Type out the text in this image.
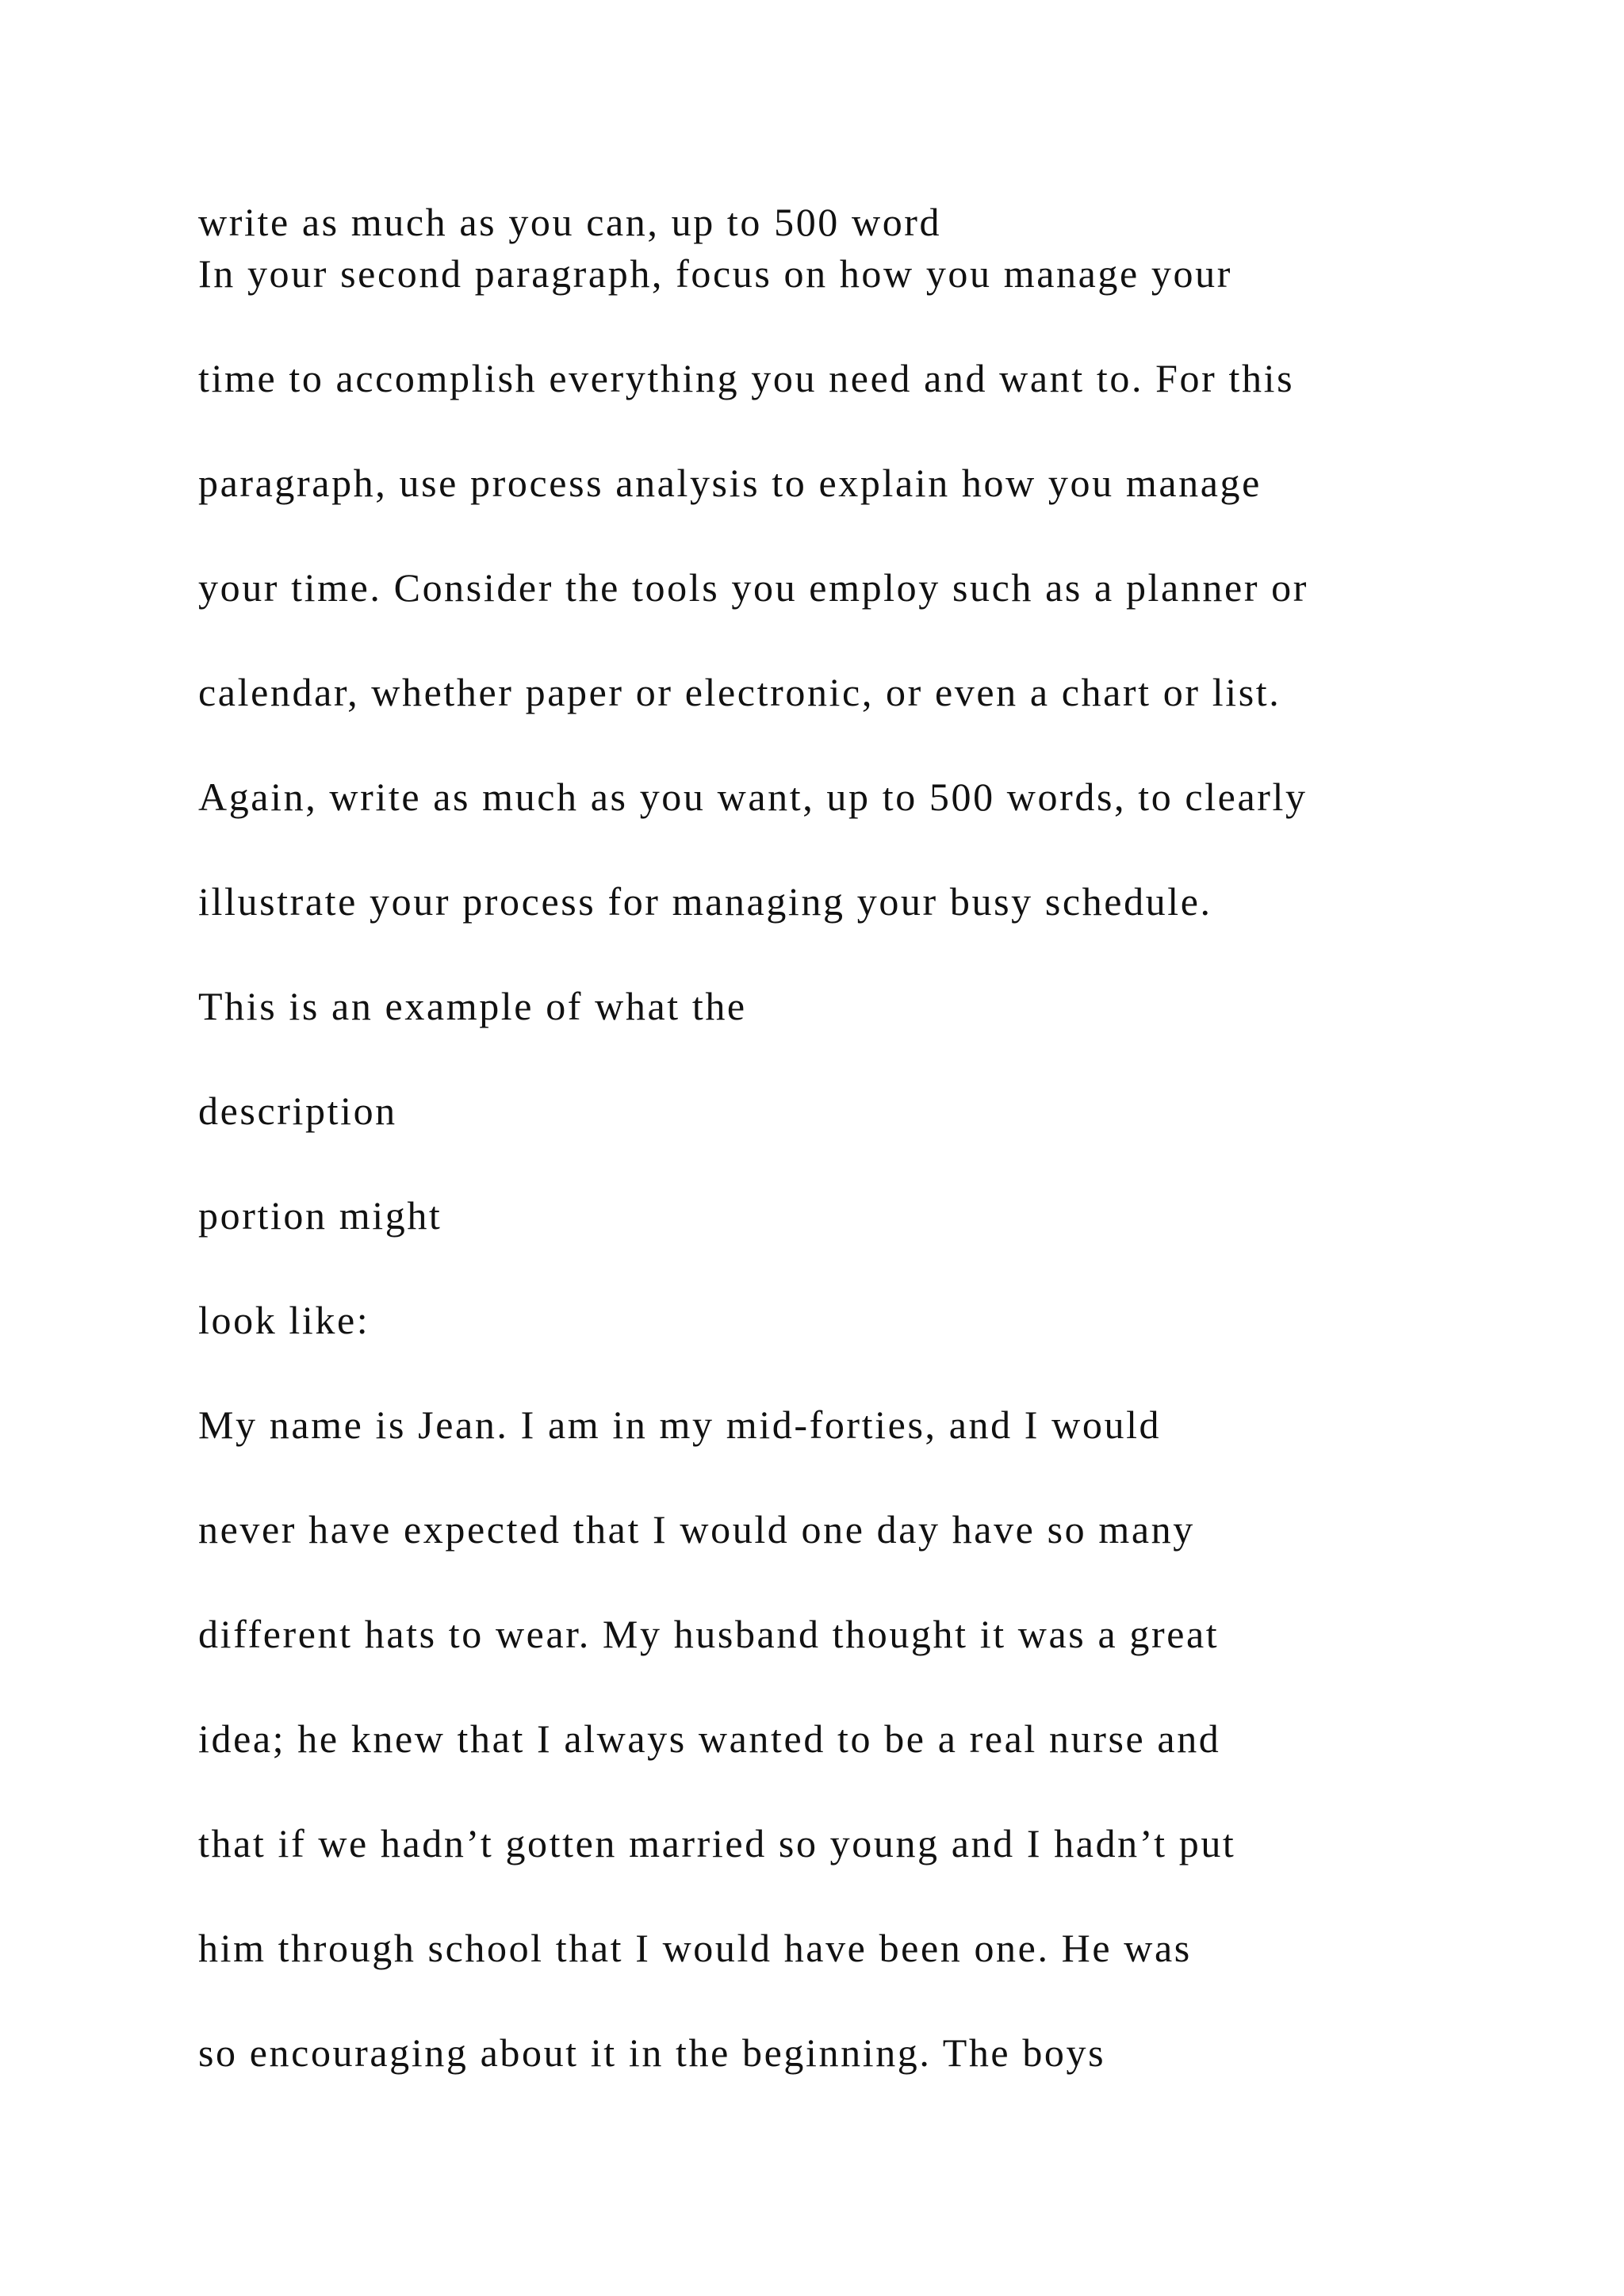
write as much as you can, up to 500 word

In your second paragraph, focus on how you manage your

time to accomplish everything you need and want to. For this

paragraph, use process analysis to explain how you manage

your time. Consider the tools you employ such as a planner or

calendar, whether paper or electronic, or even a chart or list.

Again, write as much as you want, up to 500 words, to clearly

illustrate your process for managing your busy schedule.

This is an example of what the

description

portion might

look like:

My name is Jean. I am in my mid-forties, and I would

never have expected that I would one day have so many

different hats to wear. My husband thought it was a great

idea; he knew that I always wanted to be a real nurse and

that if we hadn’t gotten married so young and I hadn’t put

him through school that I would have been one. He was

so encouraging about it in the beginning. The boys
